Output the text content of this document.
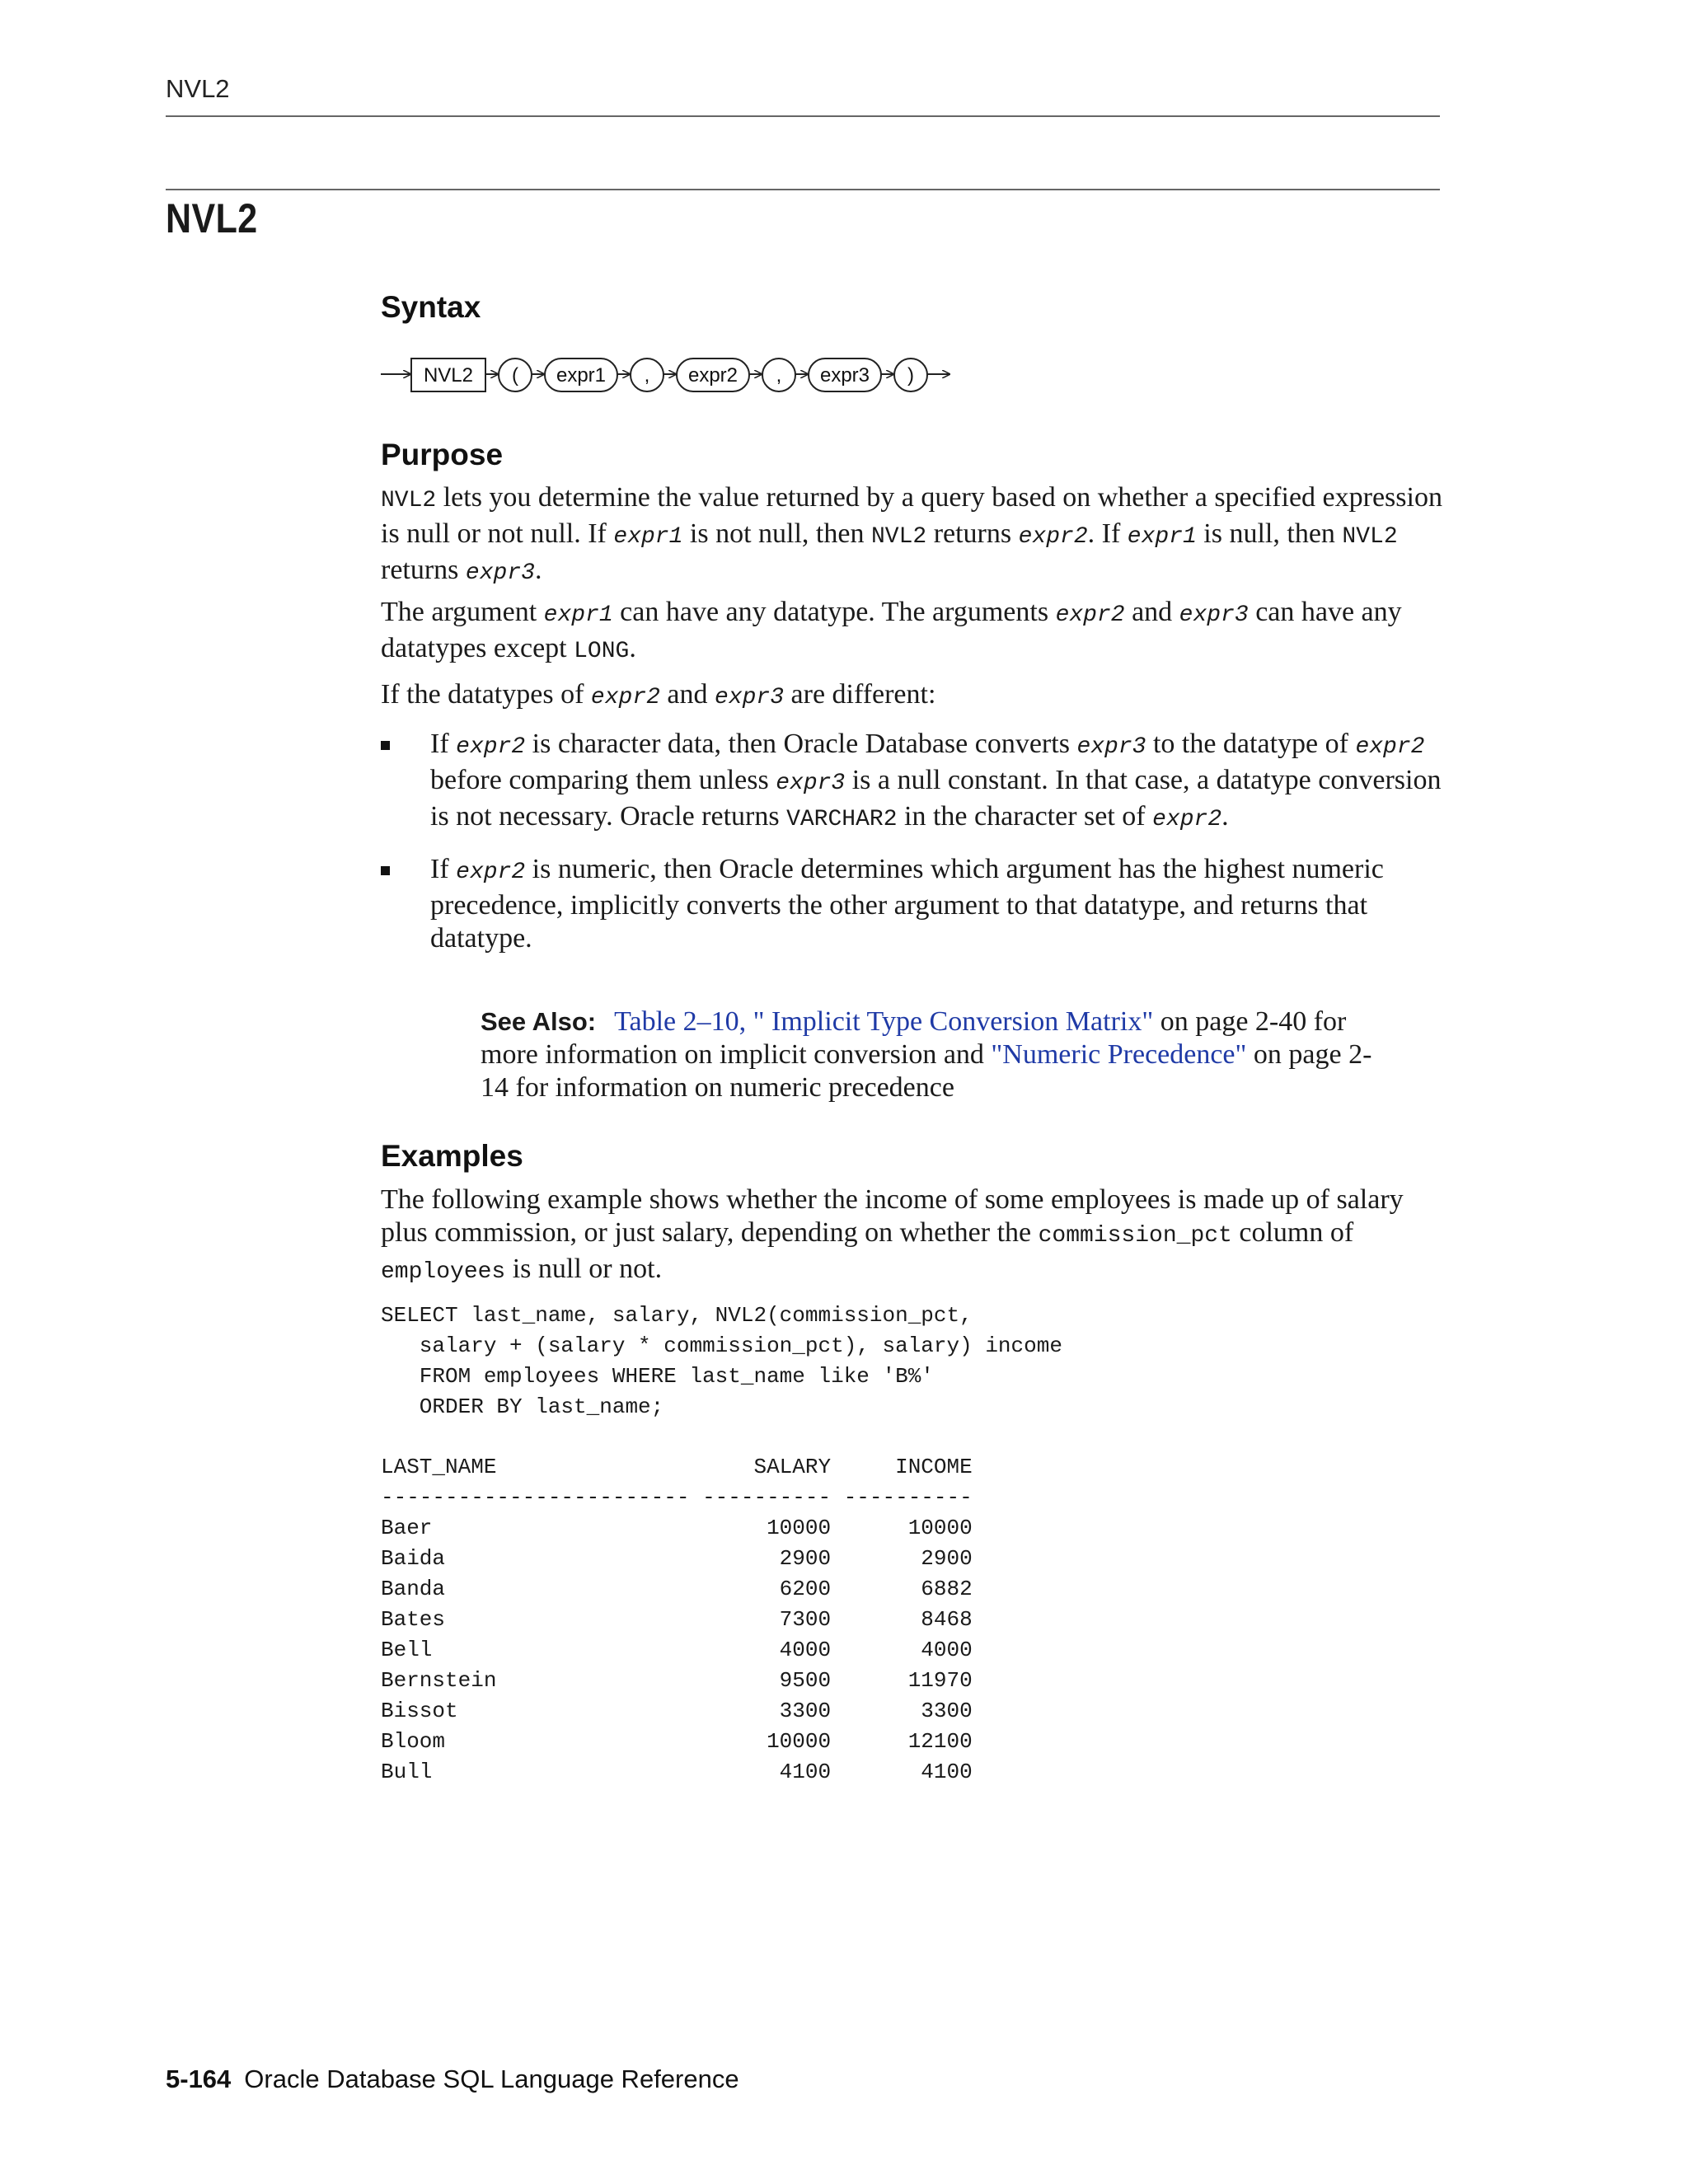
NVL2
NVL2
Syntax
NVL2 ( expr1 , expr2 , expr3 )
Purpose

NVL2 lets you determine the value returned by a query based on whether a specified expression is null or not null. If expr1 is not null, then NVL2 returns expr2. If expr1 is null, then NVL2 returns expr3.

The argument expr1 can have any datatype. The arguments expr2 and expr3 can have any datatypes except LONG.

If the datatypes of expr2 and expr3 are different:

If expr2 is character data, then Oracle Database converts expr3 to the datatype of expr2 before comparing them unless expr3 is a null constant. In that case, a datatype conversion is not necessary. Oracle returns VARCHAR2 in the character set of expr2.
If expr2 is numeric, then Oracle determines which argument has the highest numeric precedence, implicitly converts the other argument to that datatype, and returns that datatype.

See Also: Table 2–10, " Implicit Type Conversion Matrix" on page 2-40 for more information on implicit conversion and "Numeric Precedence" on page 2-14 for information on numeric precedence

Examples

The following example shows whether the income of some employees is made up of salary plus commission, or just salary, depending on whether the commission_pct column of employees is null or not.

SELECT last_name, salary, NVL2(commission_pct,
salary + (salary * commission_pct), salary) income
FROM employees WHERE last_name like 'B%'
ORDER BY last_name;
LAST_NAME                    SALARY     INCOME
------------------------ ---------- ----------
Baer                          10000      10000
Baida                          2900       2900
Banda                          6200       6882
Bates                          7300       8468
Bell                           4000       4000
Bernstein                      9500      11970
Bissot                         3300       3300
Bloom                         10000      12100
Bull                           4100       4100

5-164 Oracle Database SQL Language Reference
